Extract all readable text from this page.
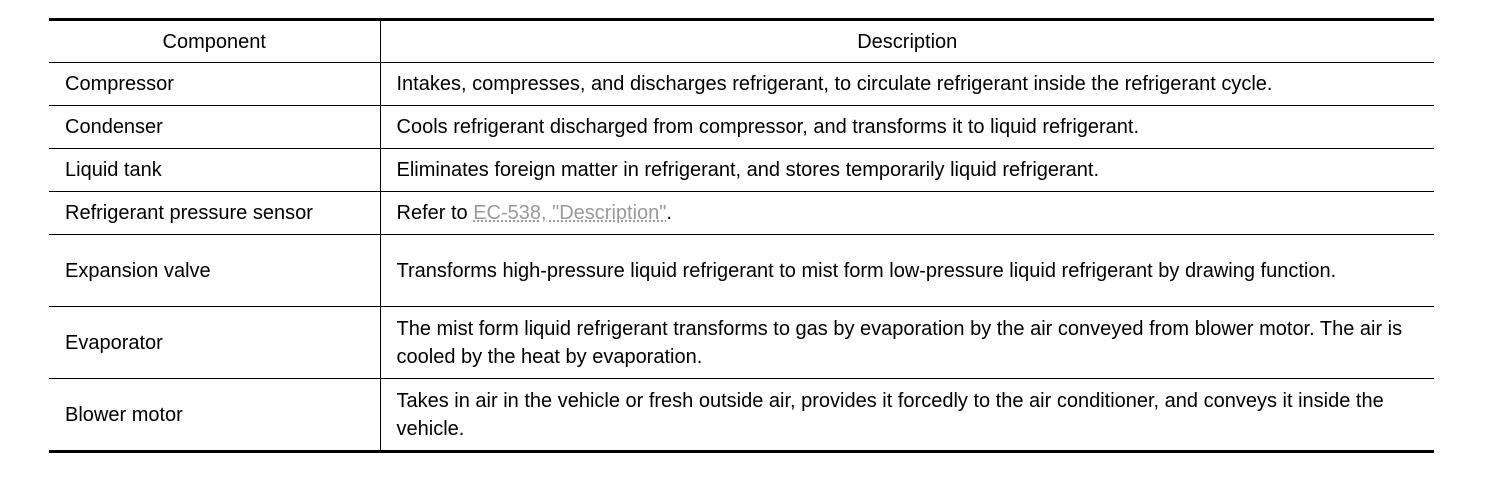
Component	Description
Compressor	Intakes, compresses, and discharges refrigerant, to circulate refrigerant inside the refrigerant cycle.
Condenser	Cools refrigerant discharged from compressor, and transforms it to liquid refrigerant.
Liquid tank	Eliminates foreign matter in refrigerant, and stores temporarily liquid refrigerant.
Refrigerant pressure sensor	Refer to EC-538, "Description".
Expansion valve	Transforms high-pressure liquid refrigerant to mist form low-pressure liquid refrigerant by drawing function.
Evaporator	The mist form liquid refrigerant transforms to gas by evaporation by the air conveyed from blower motor. The air is cooled by the heat by evaporation.
Blower motor	Takes in air in the vehicle or fresh outside air, provides it forcedly to the air conditioner, and conveys it inside the vehicle.
